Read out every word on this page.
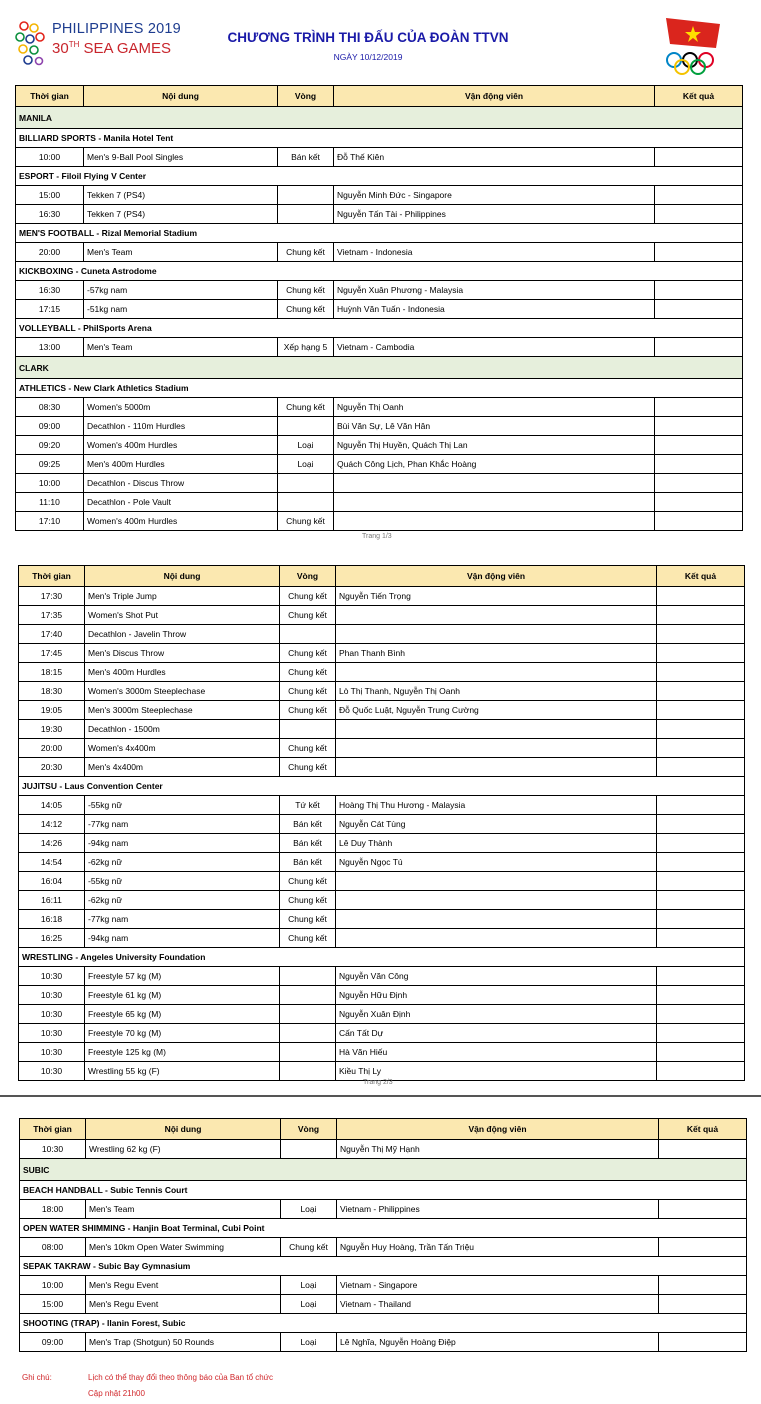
PHILIPPINES 2019
30TH SEA GAMES
CHƯƠNG TRÌNH THI ĐẤU CỦA ĐOÀN TTVN
NGÀY 10/12/2019
Thời gian	Nội dung	Vòng	Vận động viên	Kết quả
MANILA				
BILLIARD SPORTS - Manila Hotel Tent				
10:00	Men's 9-Ball Pool Singles	Bán kết	Đỗ Thế Kiên	
ESPORT - Filoil Flying V Center				
15:00	Tekken 7 (PS4)		Nguyễn Minh Đức - Singapore	
16:30	Tekken 7 (PS4)		Nguyễn Tấn Tài - Philippines	
MEN'S FOOTBALL - Rizal Memorial Stadium				
20:00	Men's Team	Chung kết	Vietnam - Indonesia	
KICKBOXING - Cuneta Astrodome				
16:30	-57kg nam	Chung kết	Nguyễn Xuân Phương - Malaysia	
17:15	-51kg nam	Chung kết	Huỳnh Văn Tuấn - Indonesia	
VOLLEYBALL - PhilSports Arena				
13:00	Men's Team	Xếp hạng 5	Vietnam - Cambodia	
CLARK				
ATHLETICS - New Clark Athletics Stadium				
08:30	Women's 5000m	Chung kết	Nguyễn Thị Oanh	
09:00	Decathlon - 110m Hurdles		Bùi Văn Sự, Lê Văn Hân	
09:20	Women's 400m Hurdles	Loại	Nguyễn Thị Huyền, Quách Thị Lan	
09:25	Men's 400m Hurdles	Loại	Quách Công Lịch, Phan Khắc Hoàng	
10:00	Decathlon - Discus Throw			
11:10	Decathlon - Pole Vault			
17:10	Women's 400m Hurdles	Chung kết		
Trang 1/3
Thời gian	Nội dung	Vòng	Vận động viên	Kết quả
17:30	Men's Triple Jump	Chung kết	Nguyễn Tiến Trọng	
17:35	Women's Shot Put	Chung kết		
17:40	Decathlon - Javelin Throw			
17:45	Men's Discus Throw	Chung kết	Phan Thanh Bình	
18:15	Men's 400m Hurdles	Chung kết		
18:30	Women's 3000m Steeplechase	Chung kết	Lò Thị Thanh, Nguyễn Thị Oanh	
19:05	Men's 3000m Steeplechase	Chung kết	Đỗ Quốc Luật, Nguyễn Trung Cường	
19:30	Decathlon - 1500m			
20:00	Women's 4x400m	Chung kết		
20:30	Men's 4x400m	Chung kết		
JUJITSU - Laus Convention Center				
14:05	-55kg nữ	Tứ kết	Hoàng Thị Thu Hương - Malaysia	
14:12	-77kg nam	Bán kết	Nguyễn Cát Tùng	
14:26	-94kg nam	Bán kết	Lê Duy Thành	
14:54	-62kg nữ	Bán kết	Nguyễn Ngọc Tú	
16:04	-55kg nữ	Chung kết		
16:11	-62kg nữ	Chung kết		
16:18	-77kg nam	Chung kết		
16:25	-94kg nam	Chung kết		
WRESTLING - Angeles University Foundation				
10:30	Freestyle 57 kg (M)		Nguyễn Văn Công	
10:30	Freestyle 61 kg (M)		Nguyễn Hữu Định	
10:30	Freestyle 65 kg (M)		Nguyễn Xuân Định	
10:30	Freestyle 70 kg (M)		Cấn Tất Dự	
10:30	Freestyle 125 kg (M)		Hà Văn Hiếu	
10:30	Wrestling 55 kg (F)		Kiều Thị Ly	
Trang 2/3
Thời gian	Nội dung	Vòng	Vận động viên	Kết quả
10:30	Wrestling 62 kg (F)		Nguyễn Thị Mỹ Hạnh	
SUBIC				
BEACH HANDBALL - Subic Tennis Court				
18:00	Men's Team	Loại	Vietnam - Philippines	
OPEN WATER SHIMMING - Hanjin Boat Terminal, Cubi Point				
08:00	Men's 10km Open Water Swimming	Chung kết	Nguyễn Huy Hoàng, Trần Tấn Triệu	
SEPAK TAKRAW - Subic Bay Gymnasium				
10:00	Men's Regu Event	Loại	Vietnam - Singapore	
15:00	Men's Regu Event	Loại	Vietnam - Thailand	
SHOOTING (TRAP) - Ilanin Forest, Subic				
09:00	Men's Trap (Shotgun) 50 Rounds	Loại	Lê Nghĩa, Nguyễn Hoàng Điệp	
Ghi chú:	Lịch có thể thay đổi theo thông báo của Ban tổ chức
Cập nhật 21h00
